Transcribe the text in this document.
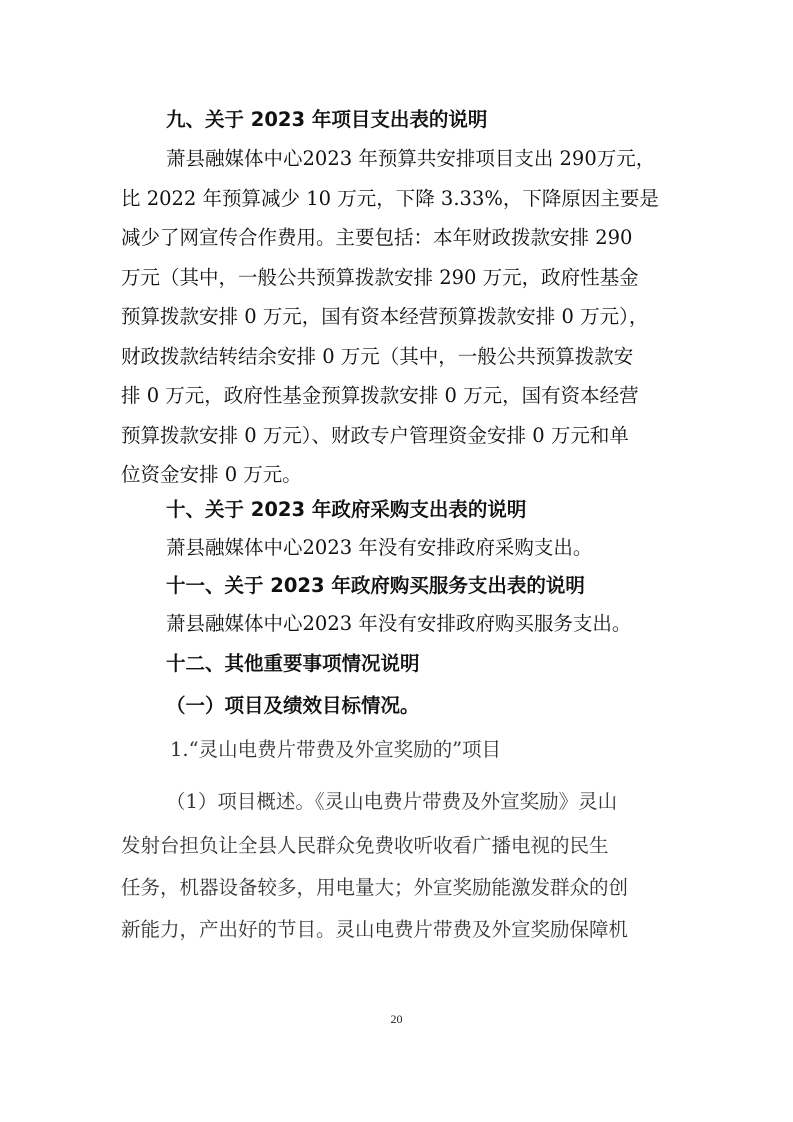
九、关于 2023 年项目支出表的说明
萧县融媒体中心2023 年预算共安排项目支出 290万元，
比 2022 年预算减少 10 万元，下降 3.33%，下降原因主要是
减少了网宣传合作费用。主要包括：本年财政拨款安排 290
万元（其中，一般公共预算拨款安排 290 万元，政府性基金
预算拨款安排 0 万元，国有资本经营预算拨款安排 0 万元），
财政拨款结转结余安排 0 万元（其中，一般公共预算拨款安
排 0 万元，政府性基金预算拨款安排 0 万元，国有资本经营
预算拨款安排 0 万元）、财政专户管理资金安排 0 万元和单
位资金安排 0 万元。
十、关于 2023 年政府采购支出表的说明
萧县融媒体中心2023 年没有安排政府采购支出。
十一、关于 2023 年政府购买服务支出表的说明
萧县融媒体中心2023 年没有安排政府购买服务支出。
十二、其他重要事项情况说明
（一）项目及绩效目标情况。
1.“灵山电费片带费及外宣奖励的”项目
（1）项目概述。《灵山电费片带费及外宣奖励》灵山
发射台担负让全县人民群众免费收听收看广播电视的民生
任务，机器设备较多，用电量大；外宣奖励能激发群众的创
新能力，产出好的节目。灵山电费片带费及外宣奖励保障机
20
